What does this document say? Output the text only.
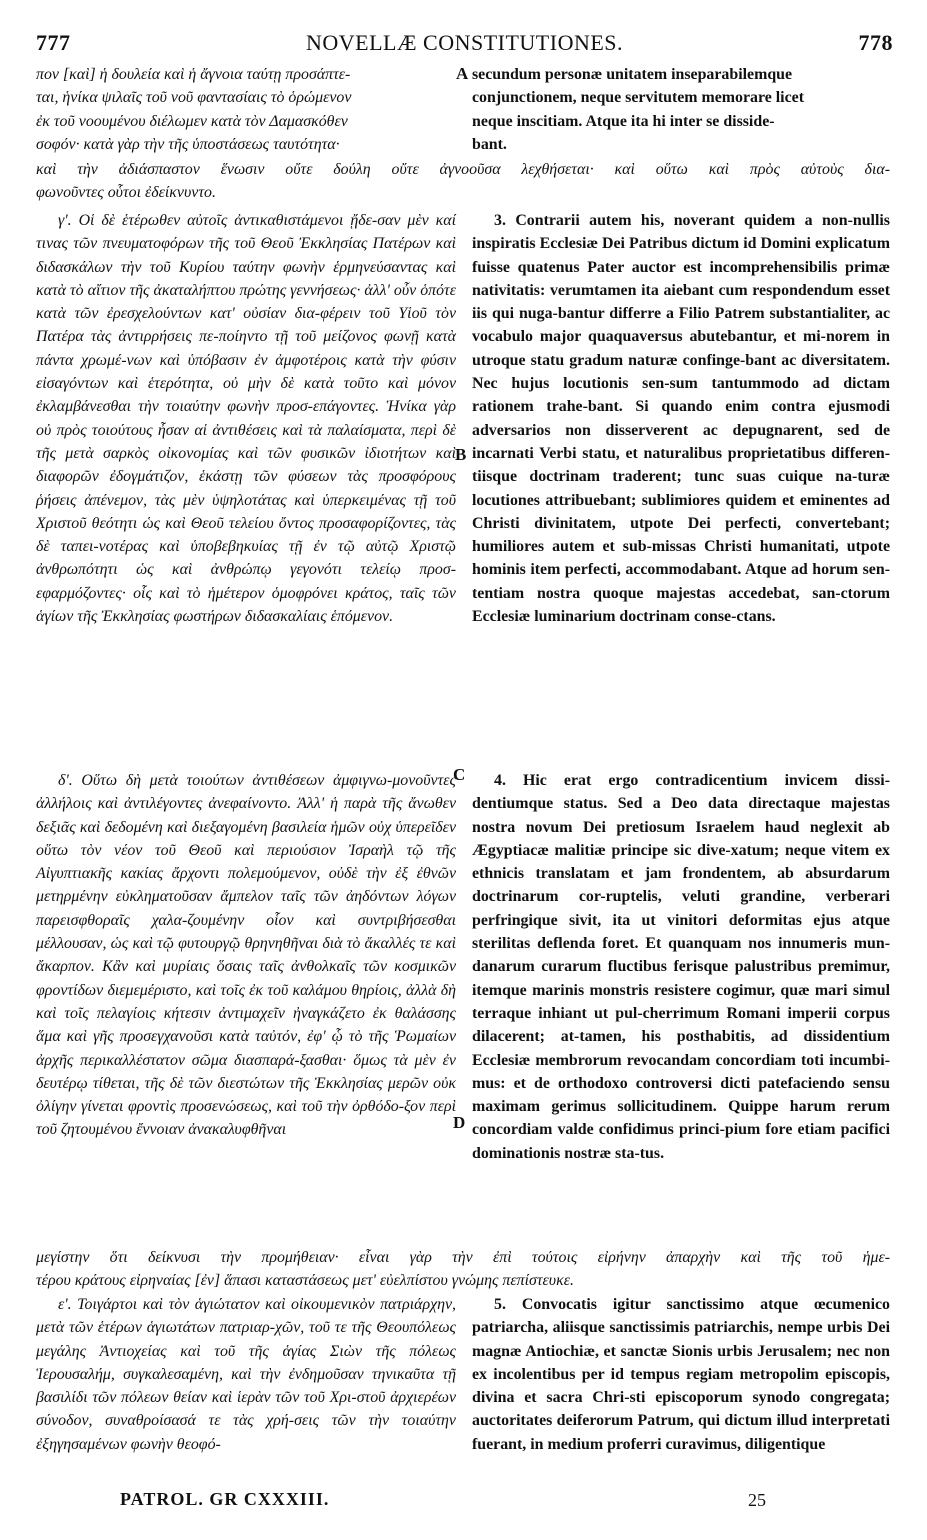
777	NOVELLÆ CONSTITUTIONES.	778
πον [καὶ] ἡ δουλεία καὶ ἡ ἄγνοια ταύτῃ προσάπτε-
ται, ἡνίκα ψιλαῖς τοῦ νοῦ φαντασίαις τὸ ὁρώμενον
ἐκ τοῦ νοουμένου διέλωμεν κατὰ τὸν Δαμασκόθεν
σοφόν· κατὰ γὰρ τὴν τῆς ὑποστάσεως ταυτότητα·
A secundum personæ unitatem inseparabilemque
conjunctionem, neque servitutem memorare licet
neque inscitiam. Atque ita hi inter se disside-
bant.
καὶ τὴν ἀδιάσπαστον ἕνωσιν οὔτε δούλη οὔτε ἀγνοοῦσα λεχθήσεται· καὶ οὕτω καὶ πρὸς αὐτοὺς δια-
φωνοῦντες οὗτοι ἐδείκνυντο.

γ'. Οἱ δὲ ἑτέρωθεν αὐτοῖς ἀντικαθιστάμενοι ᾔδε-σαν μὲν καί τινας τῶν πνευματοφόρων τῆς τοῦ Θεοῦ Ἐκκλησίας Πατέρων καὶ διδασκάλων τὴν τοῦ Κυρίου ταύτην φωνὴν ἑρμηνεύσαντας καὶ κατὰ τὸ αἴτιον τῆς ἀκαταλήπτου πρώτης γεννήσεως· ἀλλ' οὖν ὁπότε κατὰ τῶν ἐρεσχελούντων κατ' οὐσίαν δια-φέρειν τοῦ Υἱοῦ τὸν Πατέρα τὰς ἀντιρρήσεις πε-ποίηντο τῇ τοῦ μείζονος φωνῇ κατὰ πάντα χρωμέ-νων καὶ ὑπόβασιν ἐν ἀμφοτέροις κατὰ τὴν φύσιν εἰσαγόντων καὶ ἑτερότητα, οὐ μὴν δὲ κατὰ τοῦτο καὶ μόνον ἐκλαμβάνεσθαι τὴν τοιαύτην φωνὴν προσ-επάγοντες. Ἡνίκα γὰρ οὐ πρὸς τοιούτους ἦσαν αἱ ἀντιθέσεις καὶ τὰ παλαίσματα, περὶ δὲ τῆς μετὰ σαρκὸς οἰκονομίας καὶ τῶν φυσικῶν ἰδιοτήτων καὶ διαφορῶν ἐδογμάτιζον, ἑκάστῃ τῶν φύσεων τὰς προσφόρους ῥήσεις ἀπένεμον, τὰς μὲν ὑψηλοτάτας καὶ ὑπερκειμένας τῇ τοῦ Χριστοῦ θεότητι ὡς καὶ Θεοῦ τελείου ὄντος προσαφορίζοντες, τὰς δὲ ταπει-νοτέρας καὶ ὑποβεβηκυίας τῇ ἐν τῷ αὐτῷ Χριστῷ ἀνθρωπότητι ὡς καὶ ἀνθρώπῳ γεγονότι τελείῳ προσ-εφαρμόζοντες· οἷς καὶ τὸ ἡμέτερον ὁμοφρόνει κράτος, ταῖς τῶν ἁγίων τῆς Ἐκκλησίας φωστήρων διδασκαλίαις ἑπόμενον.

B

3. Contrarii autem his, noverant quidem a non-nullis inspiratis Ecclesiæ Dei Patribus dictum id Domini explicatum fuisse quatenus Pater auctor est incomprehensibilis primæ nativitatis: verumtamen ita aiebant cum respondendum esset iis qui nuga-bantur differre a Filio Patrem substantialiter, ac vocabulo major quaquaversus abutebantur, et mi-norem in utroque statu gradum naturæ confinge-bant ac diversitatem. Nec hujus locutionis sen-sum tantummodo ad dictam rationem trahe-bant. Si quando enim contra ejusmodi adversarios non disserverent ac depugnarent, sed de incarnati Verbi statu, et naturalibus proprietatibus differen-tiisque doctrinam traderent; tunc suas cuique na-turæ locutiones attribuebant; sublimiores quidem et eminentes ad Christi divinitatem, utpote Dei perfecti, convertebant; humiliores autem et sub-missas Christi humanitati, utpote hominis item perfecti, accommodabant. Atque ad horum sen-tentiam nostra quoque majestas accedebat, san-ctorum Ecclesiæ luminarium doctrinam conse-ctans.

δ'. Οὕτω δὴ μετὰ τοιούτων ἀντιθέσεων ἀμφιγνω-μονοῦντες ἀλλήλοις καὶ ἀντιλέγοντες ἀνεφαίνοντο. Ἀλλ' ἡ παρὰ τῆς ἄνωθεν δεξιᾶς καὶ δεδομένη καὶ διεξαγομένη βασιλεία ἡμῶν οὐχ ὑπερεῖδεν οὕτω τὸν νέον τοῦ Θεοῦ καὶ περιούσιον Ἰσραὴλ τῷ τῆς Αἰγυπτιακῆς κακίας ἄρχοντι πολεμούμενον, οὐδὲ τὴν ἐξ ἐθνῶν μετηρμένην εὐκληματοῦσαν ἄμπελον ταῖς τῶν ἀηδόντων λόγων παρεισφθοραῖς χαλα-ζουμένην οἷον καὶ συντριβήσεσθαι μέλλουσαν, ὡς καὶ τῷ φυτουργῷ θρηνηθῆναι διὰ τὸ ἄκαλλές τε καὶ ἄκαρπον. Κἂν καὶ μυρίαις ὅσαις ταῖς ἀνθολκαῖς τῶν κοσμικῶν φροντίδων διεμεμέριστο, καὶ τοῖς ἐκ τοῦ καλάμου θηρίοις, ἀλλὰ δὴ καὶ τοῖς πελαγίοις κήτεσιν ἀντιμαχεῖν ἠναγκάζετο ἐκ θαλάσσης ἅμα καὶ γῆς προσεγχανοῦσι κατὰ ταὐτόν, ἐφ' ᾧ τὸ τῆς Ῥωμαίων ἀρχῆς περικαλλέστατον σῶμα διασπαρά-ξασθαι· ὅμως τὰ μὲν ἐν δευτέρῳ τίθεται, τῆς δὲ τῶν διεστώτων τῆς Ἐκκλησίας μερῶν οὐκ ὀλίγην γίνεται φροντὶς προσενώσεως, καὶ τοῦ τὴν ὀρθόδο-ξον περὶ τοῦ ζητουμένου ἔννοιαν ἀνακαλυφθῆναι

C	4. Hic erat ergo contradicentium invicem dissi-dentiumque status. Sed a Deo data directaque majestas nostra novum Dei pretiosum Israelem haud neglexit ab Ægyptiacæ malitiæ principe sic dive-xatum; neque vitem ex ethnicis translatam et jam frondentem, ab absurdarum doctrinarum cor-ruptelis, veluti grandine, verberari perfringique sivit, ita ut vinitori deformitas ejus atque sterilitas deflenda foret. Et quanquam nos innumeris mun-danarum curarum fluctibus ferisque palustribus premimur, itemque marinis monstris resistere cogimur, quæ mari simul terraque inhiant ut pul-cherrimum Romani imperii corpus dilacerent; at-tamen, his posthabitis, ad dissidentium Ecclesiæ membrorum revocandam concordiam toti incumbi-mus: et de orthodoxo controversi dicti patefaciendo sensu maximam gerimus sollicitudinem. Quippe harum rerum concordiam valde confidimus princi-pium fore etiam pacifici dominationis nostræ sta-tus.

D
μεγίστην ὅτι δείκνυσι τὴν προμήθειαν· εἶναι γὰρ τὴν ἐπὶ τούτοις εἰρήνην ἀπαρχὴν καὶ τῆς τοῦ ἡμε-
τέρου κράτους εἰρηναίας [ἐν] ἅπασι καταστάσεως μετ' εὐελπίστου γνώμης πεπίστευκε.

ε'. Τοιγάρτοι καὶ τὸν ἁγιώτατον καὶ οἰκουμενικὸν πατριάρχην, μετὰ τῶν ἑτέρων ἁγιωτάτων πατριαρ-χῶν, τοῦ τε τῆς Θεουπόλεως μεγάλης Ἀντιοχείας καὶ τοῦ τῆς ἁγίας Σιὼν τῆς πόλεως Ἱερουσαλήμ, συγκαλεσαμένη, καὶ τὴν ἐνδημοῦσαν τηνικαῦτα τῇ βασιλίδι τῶν πόλεων θείαν καὶ ἱερὰν τῶν τοῦ Χρι-στοῦ ἀρχιερέων σύνοδον, συναθροίσασά τε τὰς χρή-σεις τῶν τὴν τοιαύτην ἐξηγησαμένων φωνὴν θεοφό-

5. Convocatis igitur sanctissimo atque œcumenico patriarcha, aliisque sanctissimis patriarchis, nempe urbis Dei magnæ Antiochiæ, et sanctæ Sionis urbis Jerusalem; nec non ex incolentibus per id tempus regiam metropolim episcopis, divina et sacra Chri-sti episcoporum synodo congregata; auctoritates deiferorum Patrum, qui dictum illud interpretati fuerant, in medium proferri curavimus, diligentique

PATROL. GR CXXXIII.	25
